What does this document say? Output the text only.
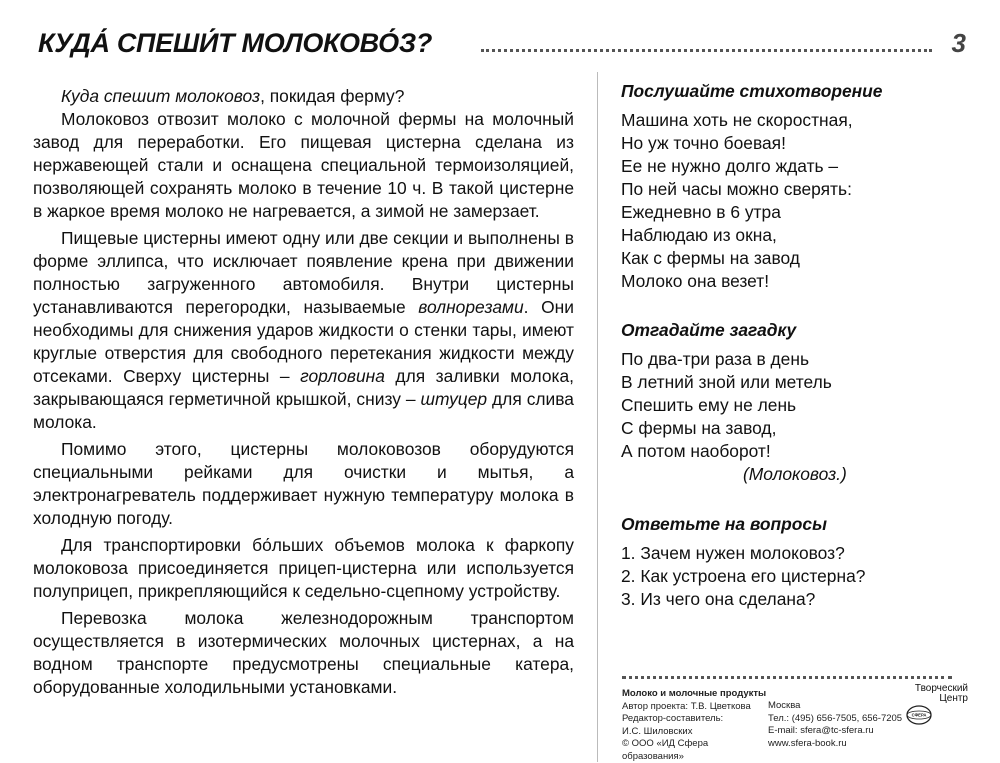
КУДА́ СПЕШИ́Т МОЛОКОВО́З?	3

Куда спешит молоковоз, покидая ферму?

Молоковоз отвозит молоко с молочной фермы на молочный завод для переработки. Его пищевая цистерна сделана из нержавеющей стали и оснащена специальной термоизоляцией, позволяющей сохранять молоко в течение 10 ч. В такой цистерне в жаркое время молоко не нагревается, а зимой не замерзает.

Пищевые цистерны имеют одну или две секции и выполнены в форме эллипса, что исключает появление крена при движении полностью загруженного автомобиля. Внутри цистерны устанавливаются перегородки, называемые волнорезами. Они необходимы для снижения ударов жидкости о стенки тары, имеют круглые отверстия для свободного перетекания жидкости между отсеками. Сверху цистерны – горловина для заливки молока, закрывающаяся герметичной крышкой, снизу – штуцер для слива молока.

Помимо этого, цистерны молоковозов оборудуются специальными рейками для очистки и мытья, а электронагреватель поддерживает нужную температуру молока в холодную погоду.

Для транспортировки бо́льших объемов молока к фаркопу молоковоза присоединяется прицеп-цистерна или используется полуприцеп, прикрепляющийся к седельно-сцепному устройству.

Перевозка молока железнодорожным транспортом осуществляется в изотермических молочных цистернах, а на водном транспорте предусмотрены специальные катера, оборудованные холодильными установками.

Послушайте стихотворение
Машина хоть не скоростная,
Но уж точно боевая!
Ее не нужно долго ждать –
По ней часы можно сверять:
Ежедневно в 6 утра
Наблюдаю из окна,
Как с фермы на завод
Молоко она везет!
Отгадайте загадку
По два-три раза в день
В летний зной или метель
Спешить ему не лень
С фермы на завод,
А потом наоборот!
(Молоковоз.)
Ответьте на вопросы
1. Зачем нужен молоковоз?
2. Как устроена его цистерна?
3. Из чего она сделана?
Молоко и молочные продукты
Автор проекта: Т.В. Цветкова
Редактор-составитель:
И.С. Шиловских
© ООО «ИД Сфера образования»
Москва
Тел.: (495) 656-7505, 656-7205
E-mail: sfera@tc-sfera.ru
www.sfera-book.ru
Творческий
Центр
СФЕРА
